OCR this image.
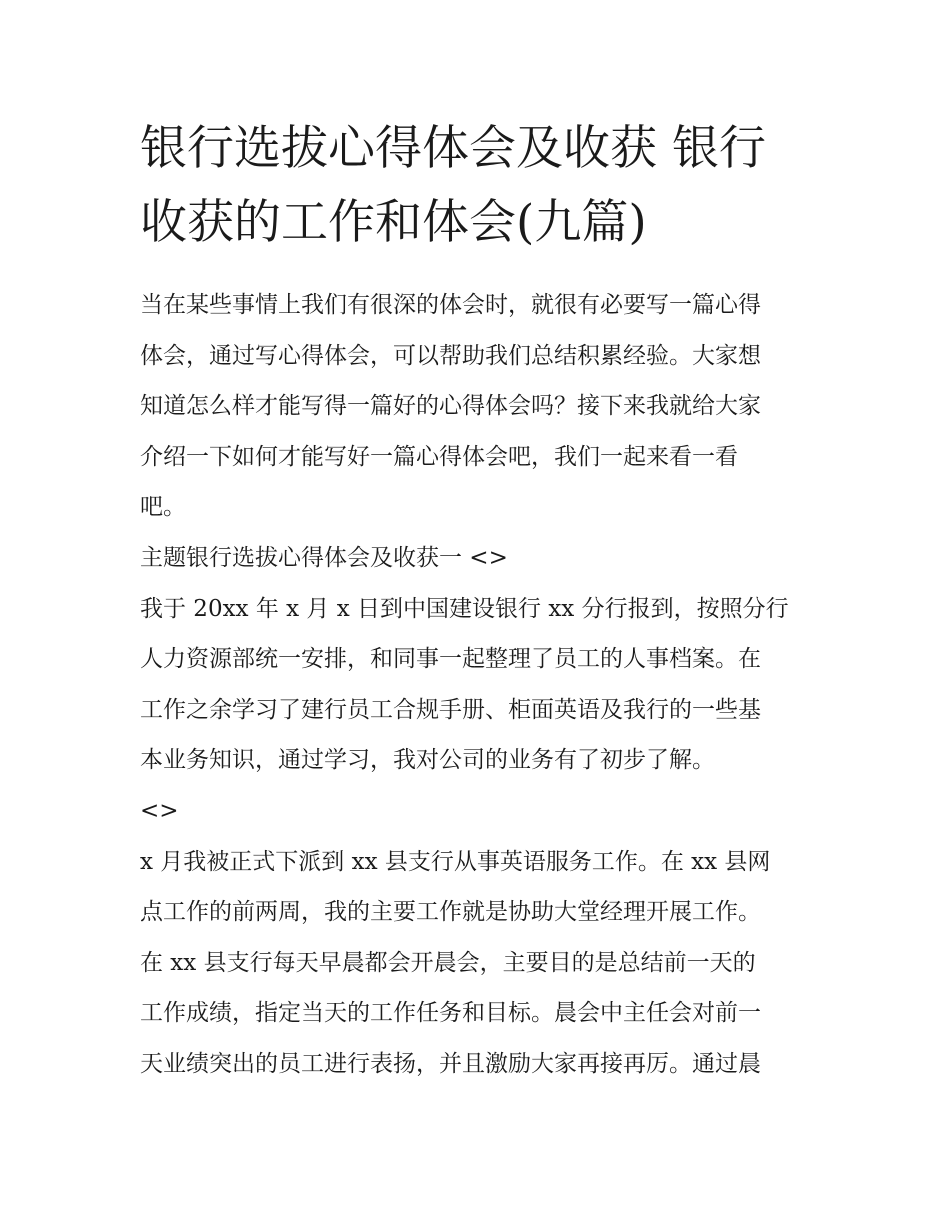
银行选拔心得体会及收获 银行
收获的工作和体会(九篇)
当在某些事情上我们有很深的体会时，就很有必要写一篇心得
体会，通过写心得体会，可以帮助我们总结积累经验。大家想
知道怎么样才能写得一篇好的心得体会吗？接下来我就给大家
介绍一下如何才能写好一篇心得体会吧，我们一起来看一看
吧。
主题银行选拔心得体会及收获一 <>
我于 20xx 年 x 月 x 日到中国建设银行 xx 分行报到，按照分行
人力资源部统一安排，和同事一起整理了员工的人事档案。在
工作之余学习了建行员工合规手册、柜面英语及我行的一些基
本业务知识，通过学习，我对公司的业务有了初步了解。
<>
x 月我被正式下派到 xx 县支行从事英语服务工作。在 xx 县网
点工作的前两周，我的主要工作就是协助大堂经理开展工作。
在 xx 县支行每天早晨都会开晨会，主要目的是总结前一天的
工作成绩，指定当天的工作任务和目标。晨会中主任会对前一
天业绩突出的员工进行表扬，并且激励大家再接再厉。通过晨
